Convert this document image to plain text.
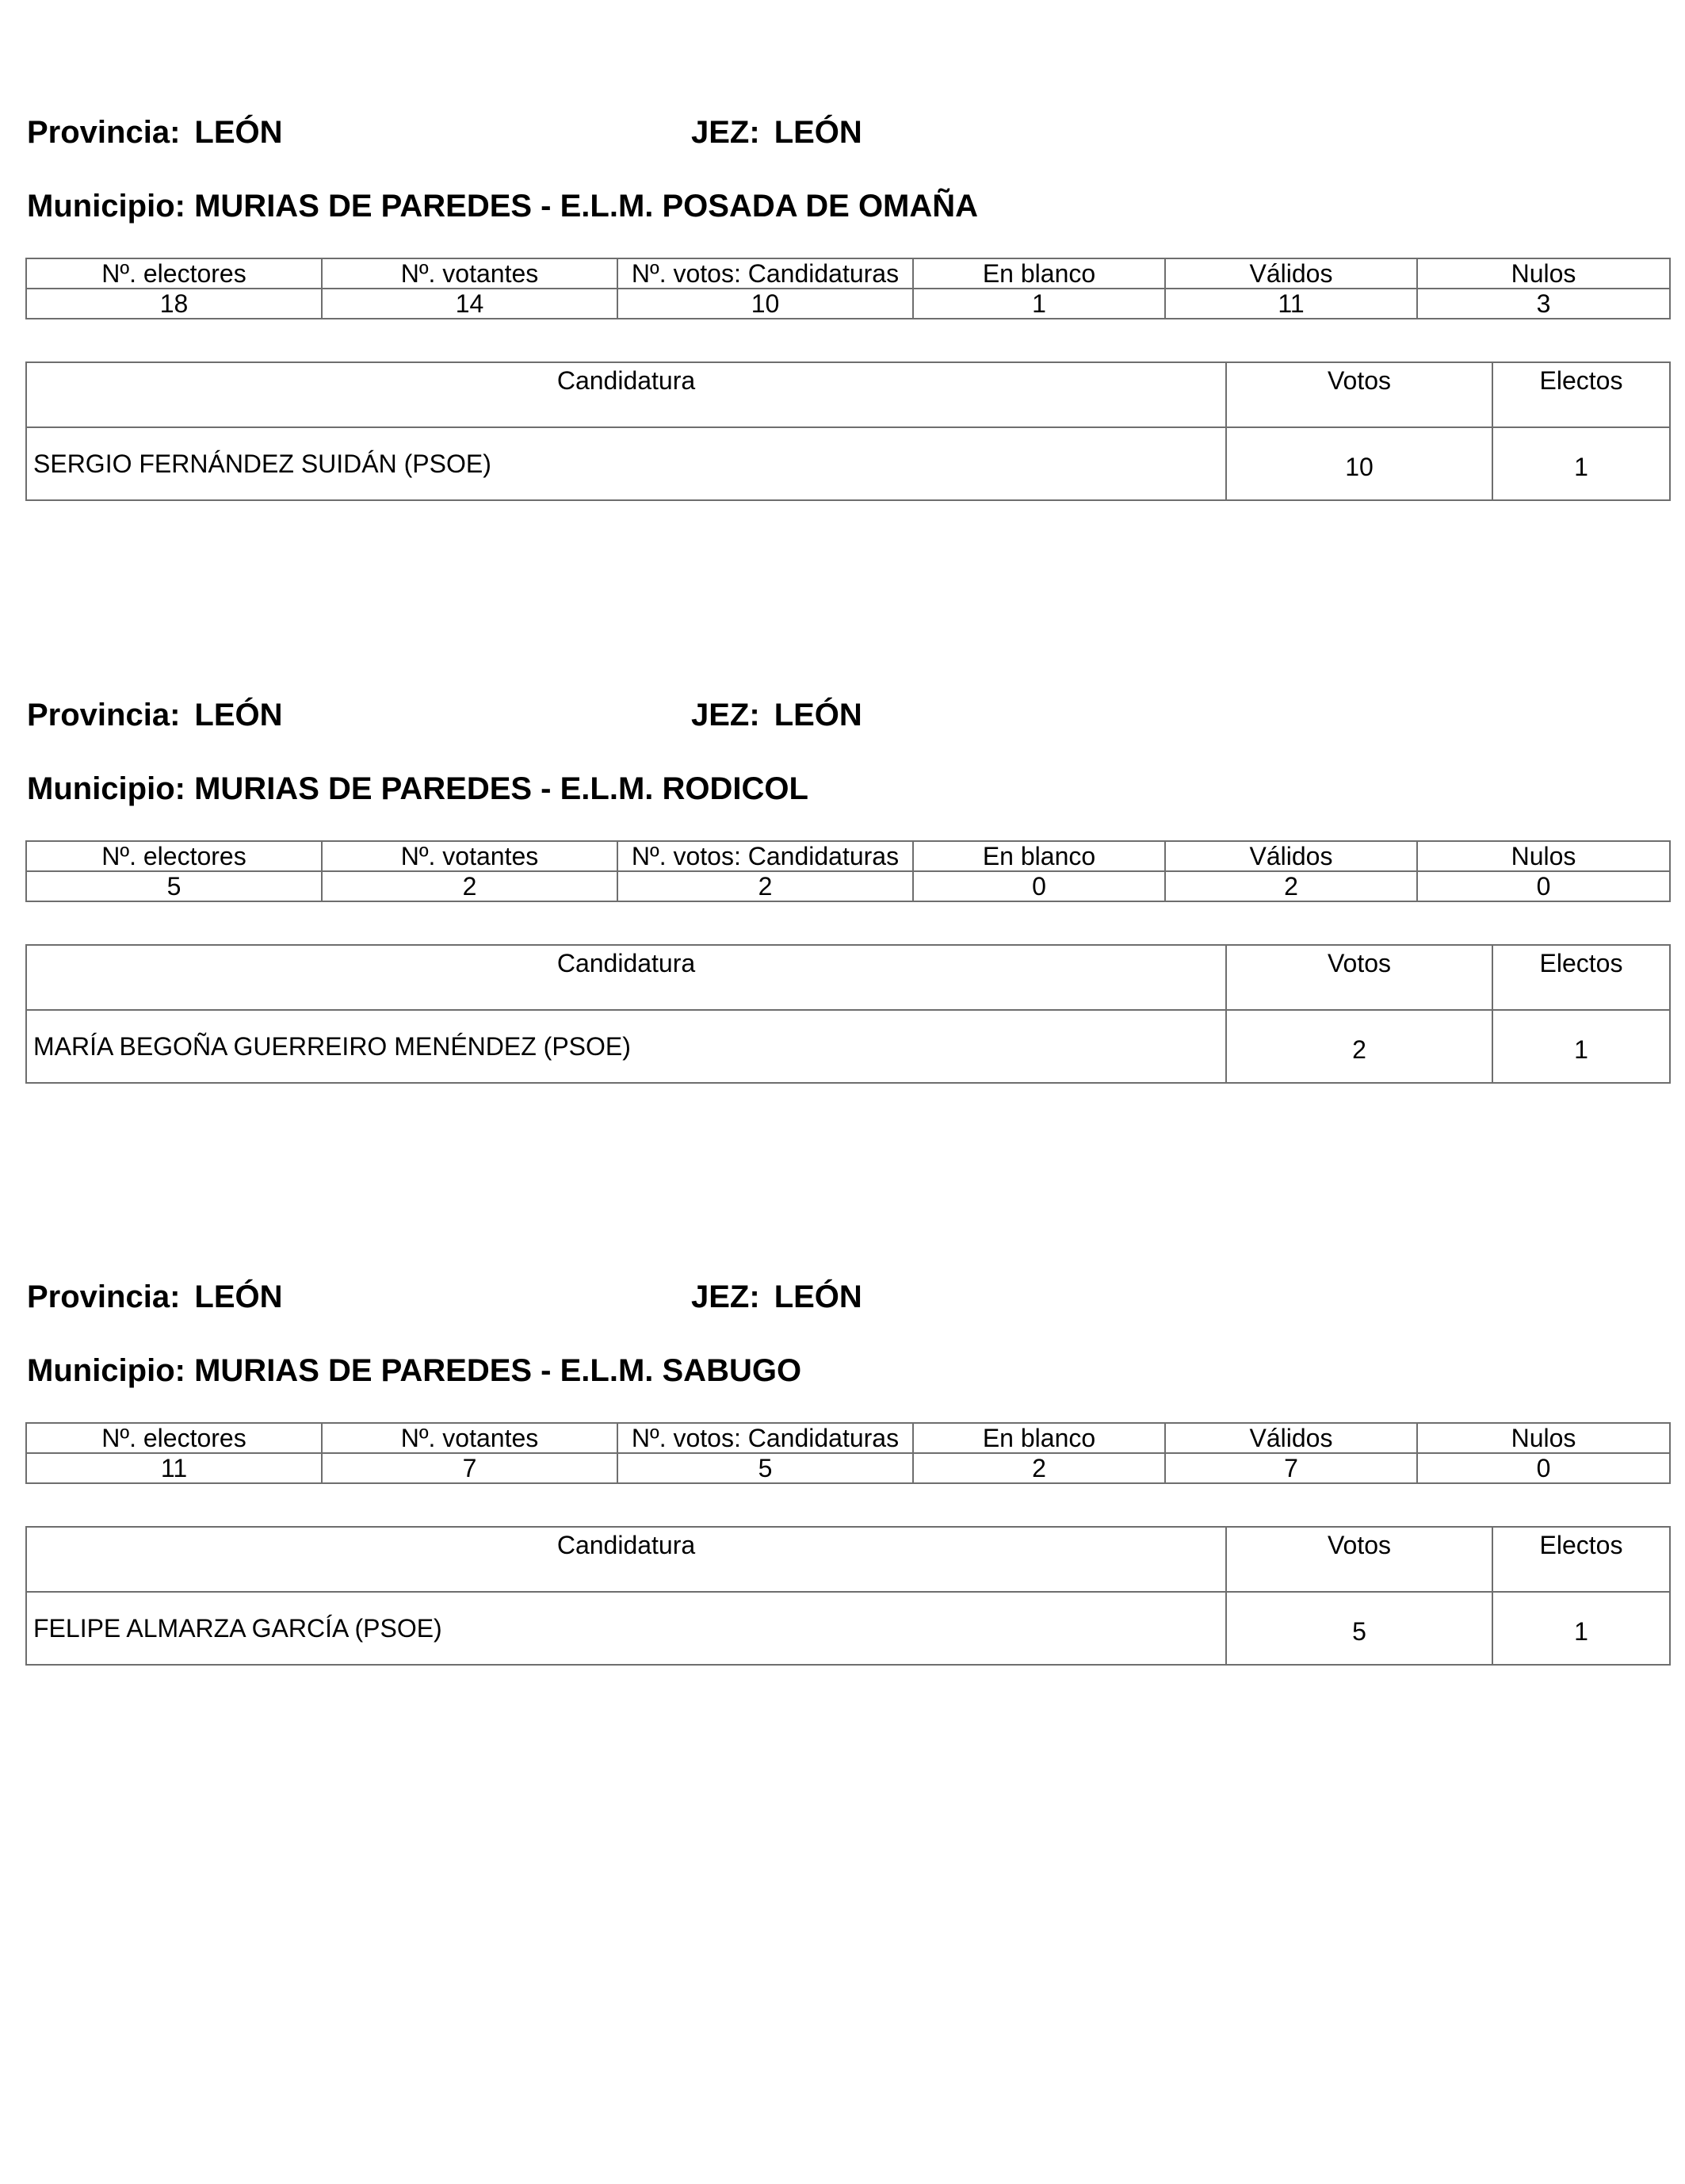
Provincia: LEÓN	JEZ: LEÓN
Municipio: MURIAS DE PAREDES - E.L.M. POSADA DE OMAÑA
Nº. electores	Nº. votantes	Nº. votos: Candidaturas	En blanco	Válidos	Nulos
18	14	10	1	11	3
Candidatura	Votos	Electos
SERGIO FERNÁNDEZ SUIDÁN (PSOE)	10	1
Provincia: LEÓN	JEZ: LEÓN
Municipio: MURIAS DE PAREDES - E.L.M. RODICOL
Nº. electores	Nº. votantes	Nº. votos: Candidaturas	En blanco	Válidos	Nulos
5	2	2	0	2	0
Candidatura	Votos	Electos
MARÍA BEGOÑA GUERREIRO MENÉNDEZ (PSOE)	2	1
Provincia: LEÓN	JEZ: LEÓN
Municipio: MURIAS DE PAREDES - E.L.M. SABUGO
Nº. electores	Nº. votantes	Nº. votos: Candidaturas	En blanco	Válidos	Nulos
11	7	5	2	7	0
Candidatura	Votos	Electos
FELIPE ALMARZA GARCÍA (PSOE)	5	1
